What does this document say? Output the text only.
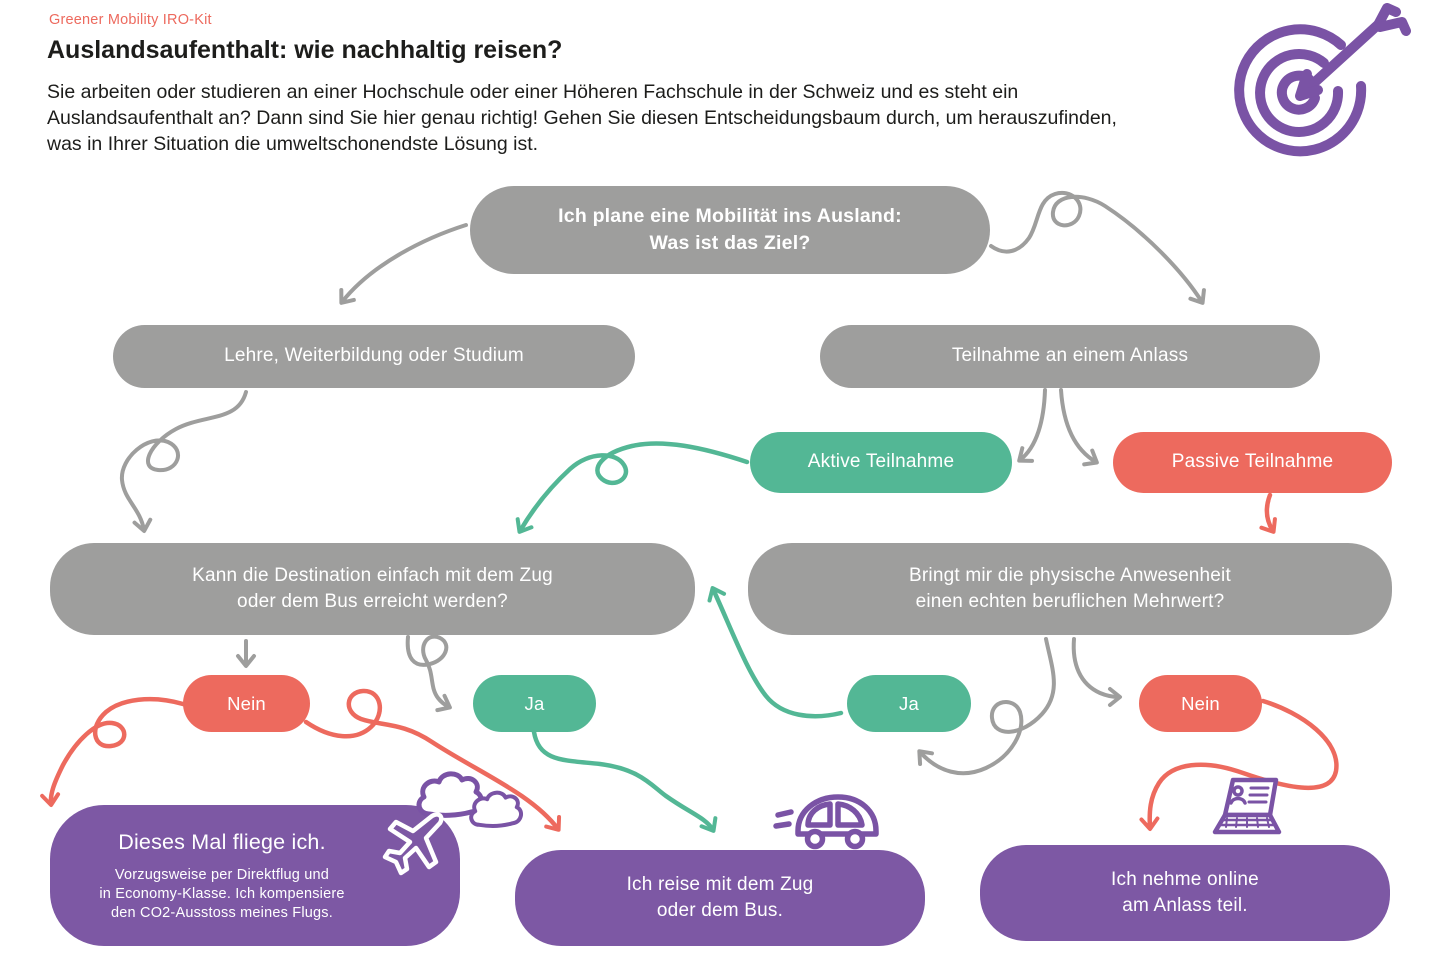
Greener Mobility IRO-Kit
Auslandsaufenthalt: wie nachhaltig reisen?

Sie arbeiten oder studieren an einer Hochschule oder einer Höheren Fachschule in der Schweiz und es steht ein Auslandsaufenthalt an? Dann sind Sie hier genau richtig! Gehen Sie diesen Entscheidungsbaum durch, um herauszufinden, was in Ihrer Situation die umweltschonendste Lösung ist.

Ich plane eine Mobilität ins Ausland:
Was ist das Ziel?
Lehre, Weiterbildung oder Studium	Teilnahme an einem Anlass
Aktive Teilnahme	Passive Teilnahme
Kann die Destination einfach mit dem Zug
oder dem Bus erreicht werden?
Bringt mir die physische Anwesenheit
einen echten beruflichen Mehrwert?
Nein	Ja	Ja	Nein
Dieses Mal fliege ich.
Vorzugsweise per Direktflug und
in Economy-Klasse. Ich kompensiere
den CO2-Ausstoss meines Flugs.
Ich reise mit dem Zug
oder dem Bus.
Ich nehme online
am Anlass teil.
